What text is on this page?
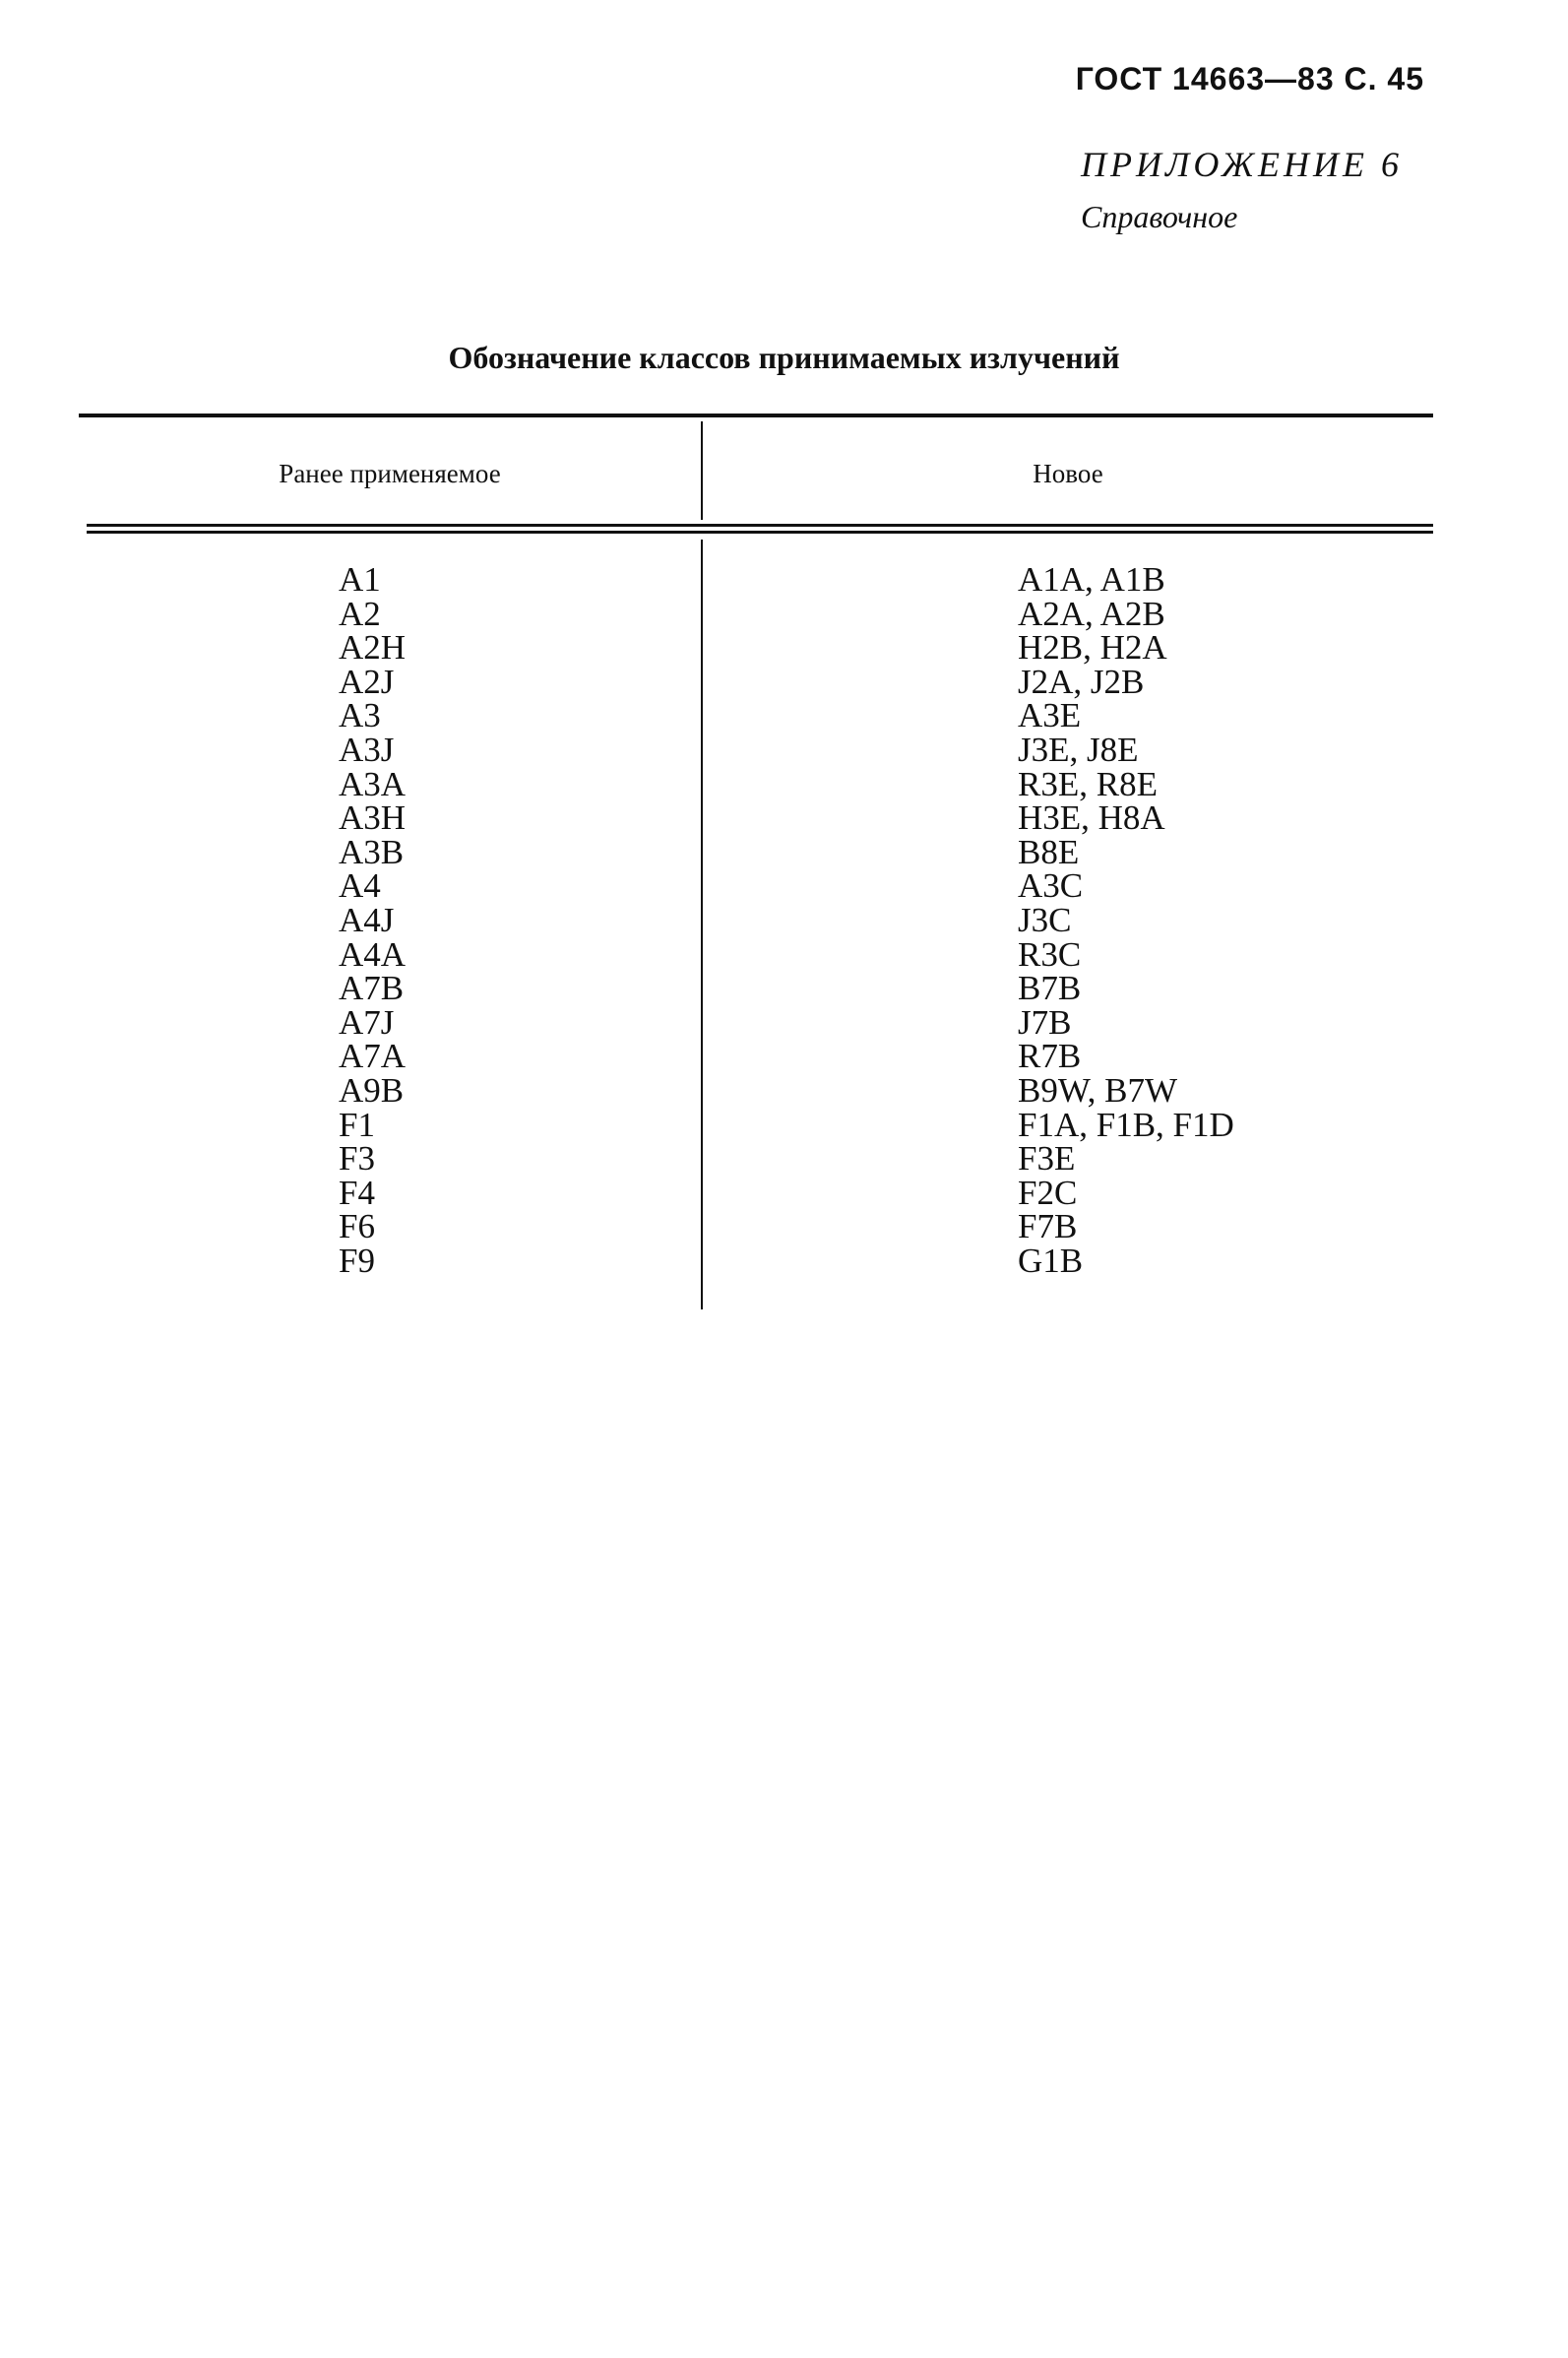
ГОСТ 14663—83 С. 45
ПРИЛОЖЕНИЕ 6
Справочное
Обозначение классов принимаемых излучений
Ранее применяемое	Новое
A1
A2
A2H
A2J
A3
A3J
A3A
A3H
A3B
A4
A4J
A4A
A7B
A7J
A7A
A9B
F1
F3
F4
F6
F9
A1A, A1B
A2A, A2B
H2B, H2A
J2A, J2B
A3E
J3E, J8E
R3E, R8E
H3E, H8A
B8E
A3C
J3C
R3C
B7B
J7B
R7B
B9W, B7W
F1A, F1B, F1D
F3E
F2C
F7B
G1B
